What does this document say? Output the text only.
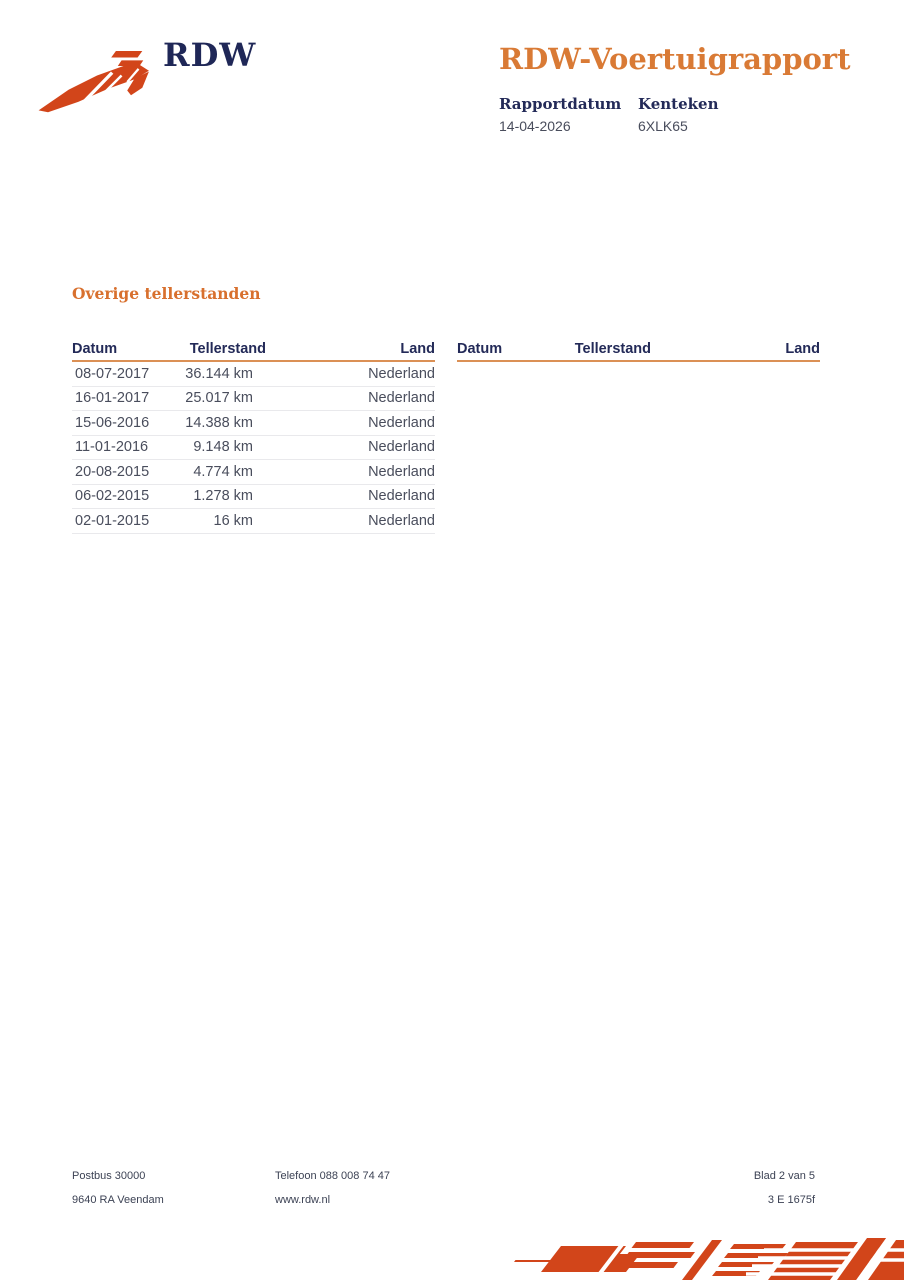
RDW	RDW-Voertuigrapport
Rapportdatum
14-04-2026
Kenteken
6XLK65
Overige tellerstanden
Datum	Tellerstand	Land
08-07-2017	36.144 km	Nederland
16-01-2017	25.017 km	Nederland
15-06-2016	14.388 km	Nederland
11-01-2016	9.148 km	Nederland
20-08-2015	4.774 km	Nederland
06-02-2015	1.278 km	Nederland
02-01-2015	16 km	Nederland
Datum	Tellerstand	Land
Postbus 30000
9640 RA Veendam
Telefoon 088 008 74 47
www.rdw.nl
Blad 2 van 5
3 E 1675f
